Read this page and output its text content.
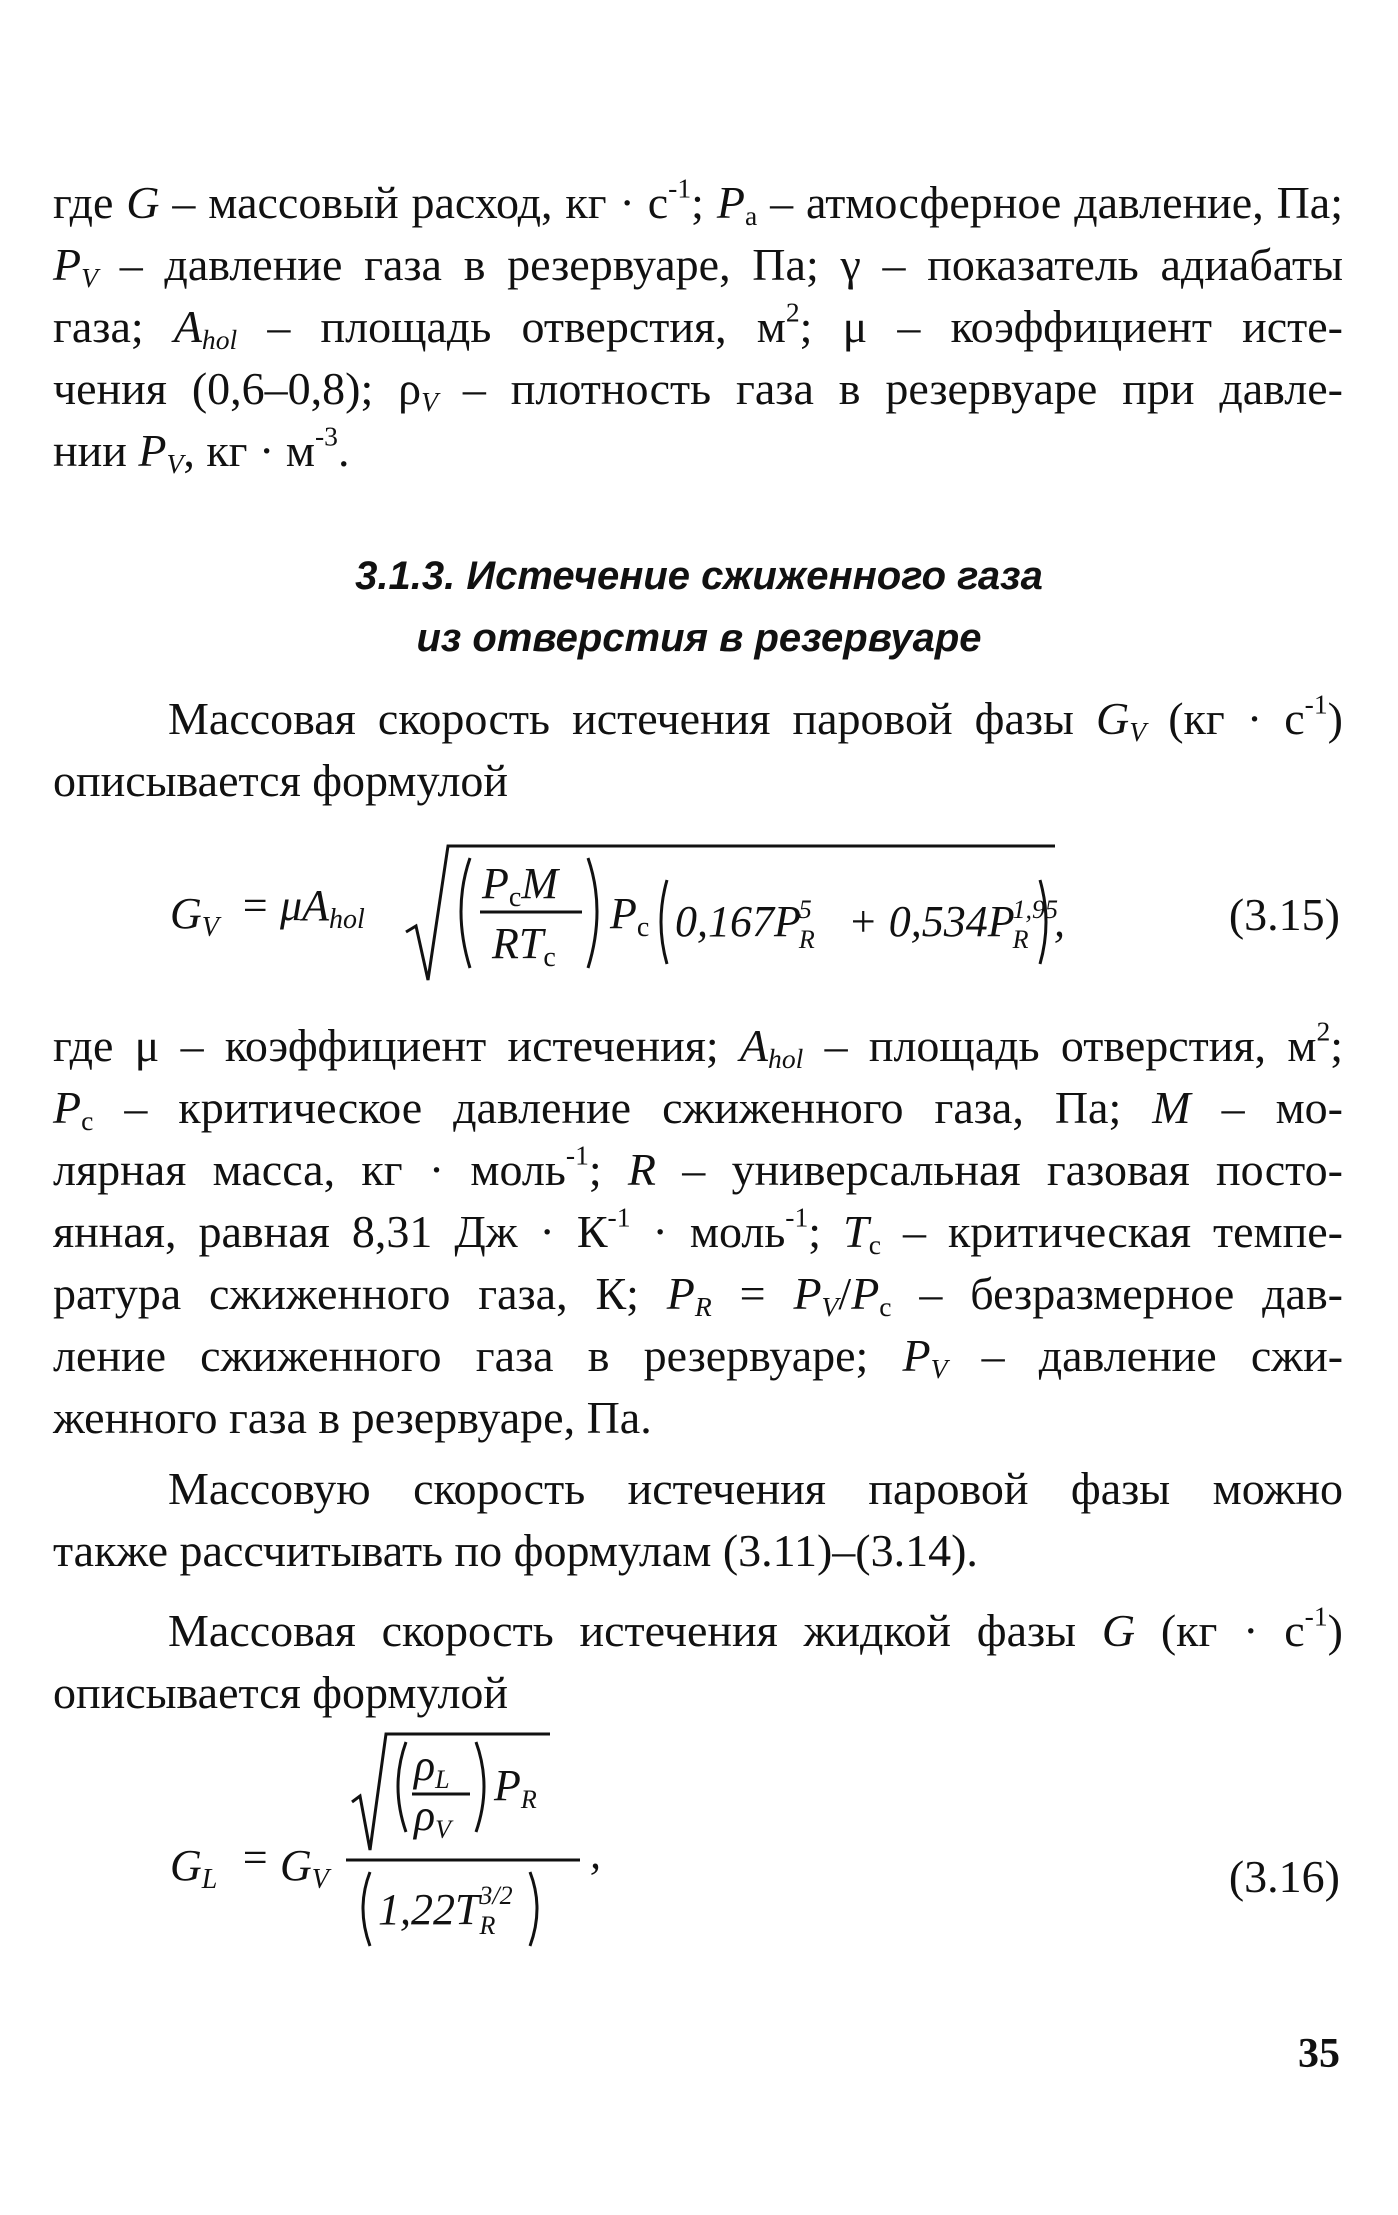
где G – массовый расход, кг · $с^{-1}$; $P_а$ – атмосферное давление, Па;
$P_V$ – давление газа в резервуаре, Па; γ – показатель адиабаты
газа; $A_{hol}$ – площадь отверстия, $м^2$; μ – коэффициент исте-
чения (0,6–0,8); $\rho_V$ – плотность газа в резервуаре при давле-
нии $P_V$, кг · $м^{-3}$.
3.1.3. Истечение сжиженного газа
из отверстия в резервуаре
Массовая скорость истечения паровой фазы $G_V$ $(кг \cdot с^{-1})$
описывается формулой
GV = μAhol
PcM
RTc
Pc 0,167PR5 + 0,534PR1,95
,	(3.15)
где μ – коэффициент истечения; $A_{hol}$ – площадь отверстия, $м^2$;
$P_с$ – критическое давление сжиженного газа, Па; M – мо-
лярная масса, кг · моль$^{-1}$; R – универсальная газовая посто-
янная, равная 8,31 Дж · $К^{-1}$ · моль$^{-1}$; $T_с$ – критическая темпе-
ратура сжиженного газа, К; $P_R = P_V/P_с$ – безразмерное дав-
ление сжиженного газа в резервуаре; $P_V$ – давление сжи-
женного газа в резервуаре, Па.
Массовую скорость истечения паровой фазы можно
также рассчитывать по формулам (3.11)–(3.14).
Массовая скорость истечения жидкой фазы G $(кг \cdot с^{-1})$
описывается формулой
GL = GV
ρL
ρV
PR
$1,22T_R3/2$
,	(3.16)
35
